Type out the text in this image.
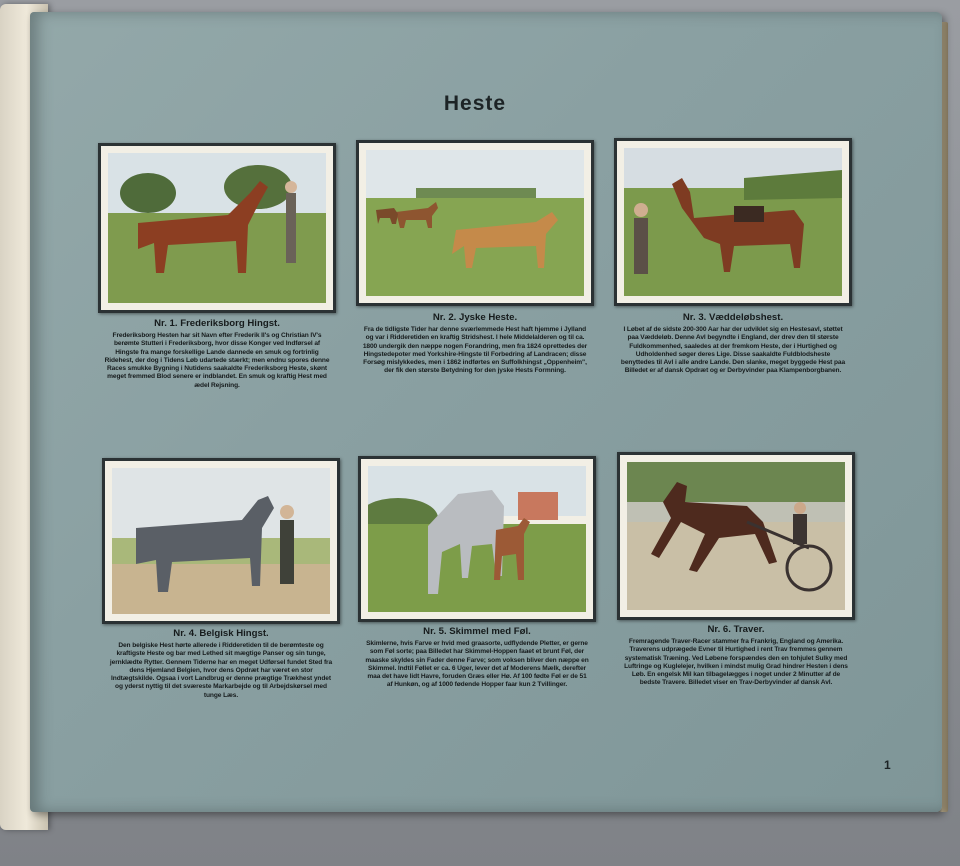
Heste
Nr. 1. Frederiksborg Hingst.
Frederiksborg Hesten har sit Navn efter Frederik II's og Christian IV's berømte Stutteri i Frederiksborg, hvor disse Konger ved Indførsel af Hingste fra mange forskellige Lande dannede en smuk og fortrinlig Ridehest, der dog i Tidens Løb udartede stærkt; men endnu spores denne Races smukke Bygning i Nutidens saakaldte Frederiksborg Heste, skønt meget fremmed Blod senere er indblandet. En smuk og kraftig Hest med ædel Rejsning.
Nr. 2. Jyske Heste.
Fra de tidligste Tider har denne sværlemmede Hest haft hjemme i Jylland og var i Ridderetiden en kraftig Stridshest. I hele Middelalderen og til ca. 1800 undergik den næppe nogen Forandring, men fra 1824 oprettedes der Hingstedepoter med Yorkshire-Hingste til Forbedring af Landracen; disse Forsøg mislykkedes, men i 1862 indførtes en Suffolkhingst „Oppenheim", der fik den største Betydning for den jyske Hests Formning.
Nr. 3. Væddeløbshest.
I Løbet af de sidste 200-300 Aar har der udviklet sig en Hestesavl, støttet paa Væddeløb. Denne Avl begyndte i England, der drev den til største Fuldkommenhed, saaledes at der fremkom Heste, der i Hurtighed og Udholdenhed søger deres Lige. Disse saakaldte Fuldblodsheste benyttedes til Avl i alle andre Lande. Den slanke, meget byggede Hest paa Billedet er af dansk Opdræt og er Derbyvinder paa Klampenborgbanen.
Nr. 4. Belgisk Hingst.
Den belgiske Hest hørte allerede i Ridderetiden til de berømteste og kraftigste Heste og bar med Lethed sit mægtige Panser og sin tunge, jernklædte Rytter. Gennem Tiderne har en meget Udførsel fundet Sted fra dens Hjemland Belgien, hvor dens Opdræt har været en stor Indtægtskilde. Ogsaa i vort Landbrug er denne prægtige Trækhest yndet og yderst nyttig til det sværeste Markarbejde og til Arbejdskørsel med tunge Læs.
Nr. 5. Skimmel med Føl.
Skimlerne, hvis Farve er hvid med graasorte, udflydende Pletter, er gerne som Føl sorte; paa Billedet har Skimmel-Hoppen faaet et brunt Føl, der maaske skyldes sin Fader denne Farve; som voksen bliver den næppe en Skimmel. Indtil Føllet er ca. 6 Uger, lever det af Moderens Mælk, derefter maa det have lidt Havre, foruden Græs eller Hø. Af 100 fødte Føl er de 51 af Hunkøn, og af 1000 fødende Hopper faar kun 2 Tvillinger.
Nr. 6. Traver.
Fremragende Traver-Racer stammer fra Frankrig, England og Amerika. Traverens udprægede Evner til Hurtighed i rent Trav fremmes gennem systematisk Træning. Ved Løbene forspændes den en tohjulet Sulky med Luftringe og Kuglelejer, hvilken i mindst mulig Grad hindrer Hesten i dens Løb. En engelsk Mil kan tilbagelægges i noget under 2 Minutter af de bedste Travere. Billedet viser en Trav-Derbyvinder af dansk Avl.
1
